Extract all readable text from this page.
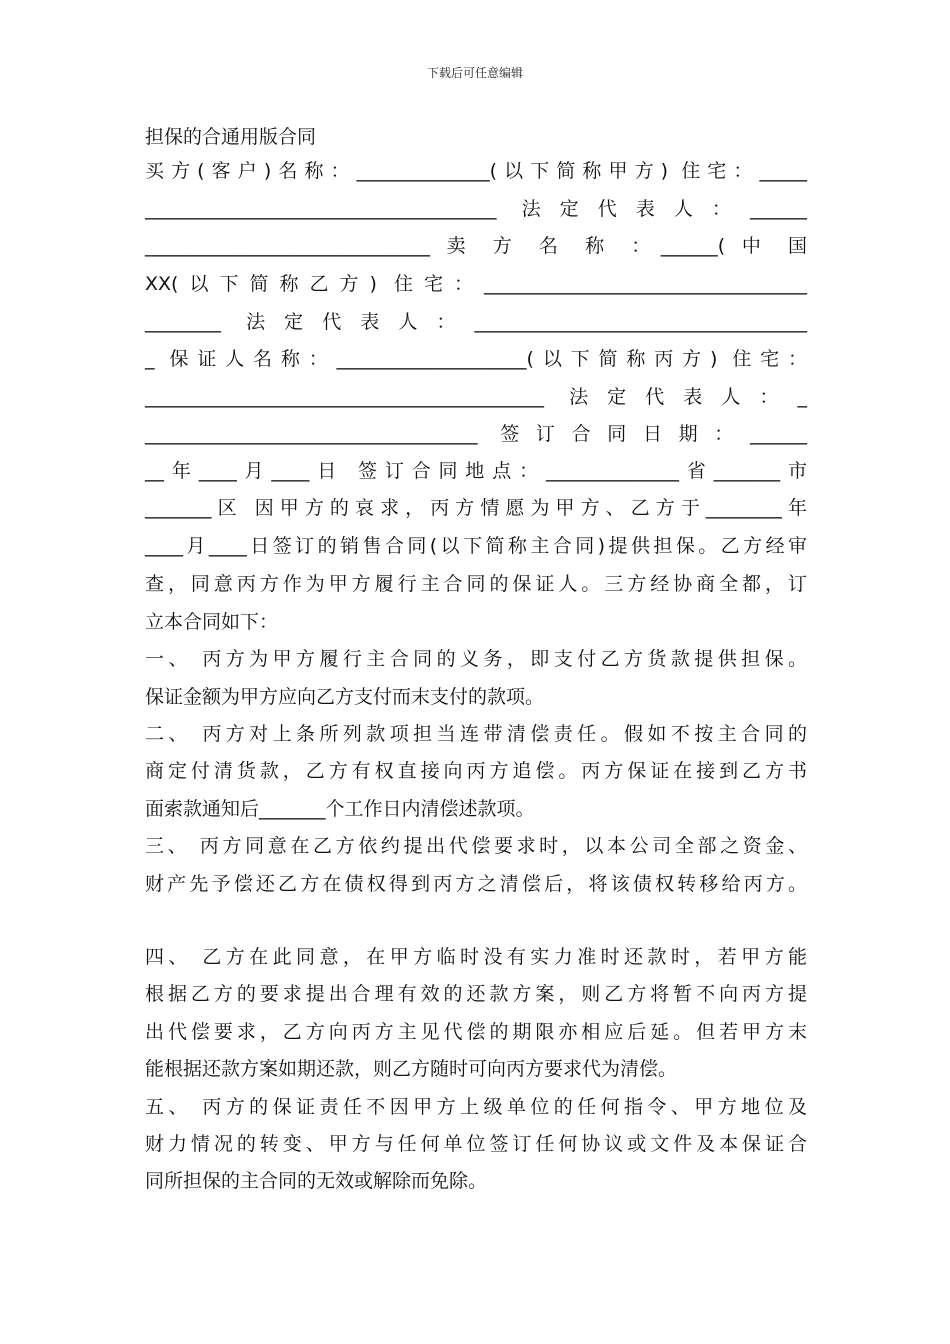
下载后可任意编辑
担保的合通用版合同
买方(客户)名称：______________(以下简称甲方) 住宅：_____
_____________________________________ 法定代表人：______
______________________________ 卖 方 名 称 ：______( 中 国
XX(以下简称乙方) 住宅：__________________________________
________ 法定代表人：___________________________________
_ 保证人名称：____________________(以下简称丙方) 住宅：
__________________________________________ 法定代表人：_
___________________________________ 签订合同日期：______
__年____月____日 签订合同地点：______________省_______市
_______区 因甲方的哀求，丙方情愿为甲方、乙方于________年
____月____日签订的销售合同(以下简称主合同)提供担保。乙方经审
查，同意丙方作为甲方履行主合同的保证人。三方经协商全都，订
立本合同如下：
一、 丙方为甲方履行主合同的义务，即支付乙方货款提供担保。
保证金额为甲方应向乙方支付而末支付的款项。
二、 丙方对上条所列款项担当连带清偿责任。假如不按主合同的
商定付清货款，乙方有权直接向丙方追偿。丙方保证在接到乙方书
面索款通知后_______个工作日内清偿述款项。
三、 丙方同意在乙方依约提出代偿要求时，以本公司全部之资金、
财产先予偿还乙方在债权得到丙方之清偿后，将该债权转移给丙方。
四、 乙方在此同意，在甲方临时没有实力准时还款时，若甲方能
根据乙方的要求提出合理有效的还款方案，则乙方将暂不向丙方提
出代偿要求，乙方向丙方主见代偿的期限亦相应后延。但若甲方末
能根据还款方案如期还款，则乙方随时可向丙方要求代为清偿。
五、 丙方的保证责任不因甲方上级单位的任何指令、甲方地位及
财力情况的转变、甲方与任何单位签订任何协议或文件及本保证合
同所担保的主合同的无效或解除而免除。
